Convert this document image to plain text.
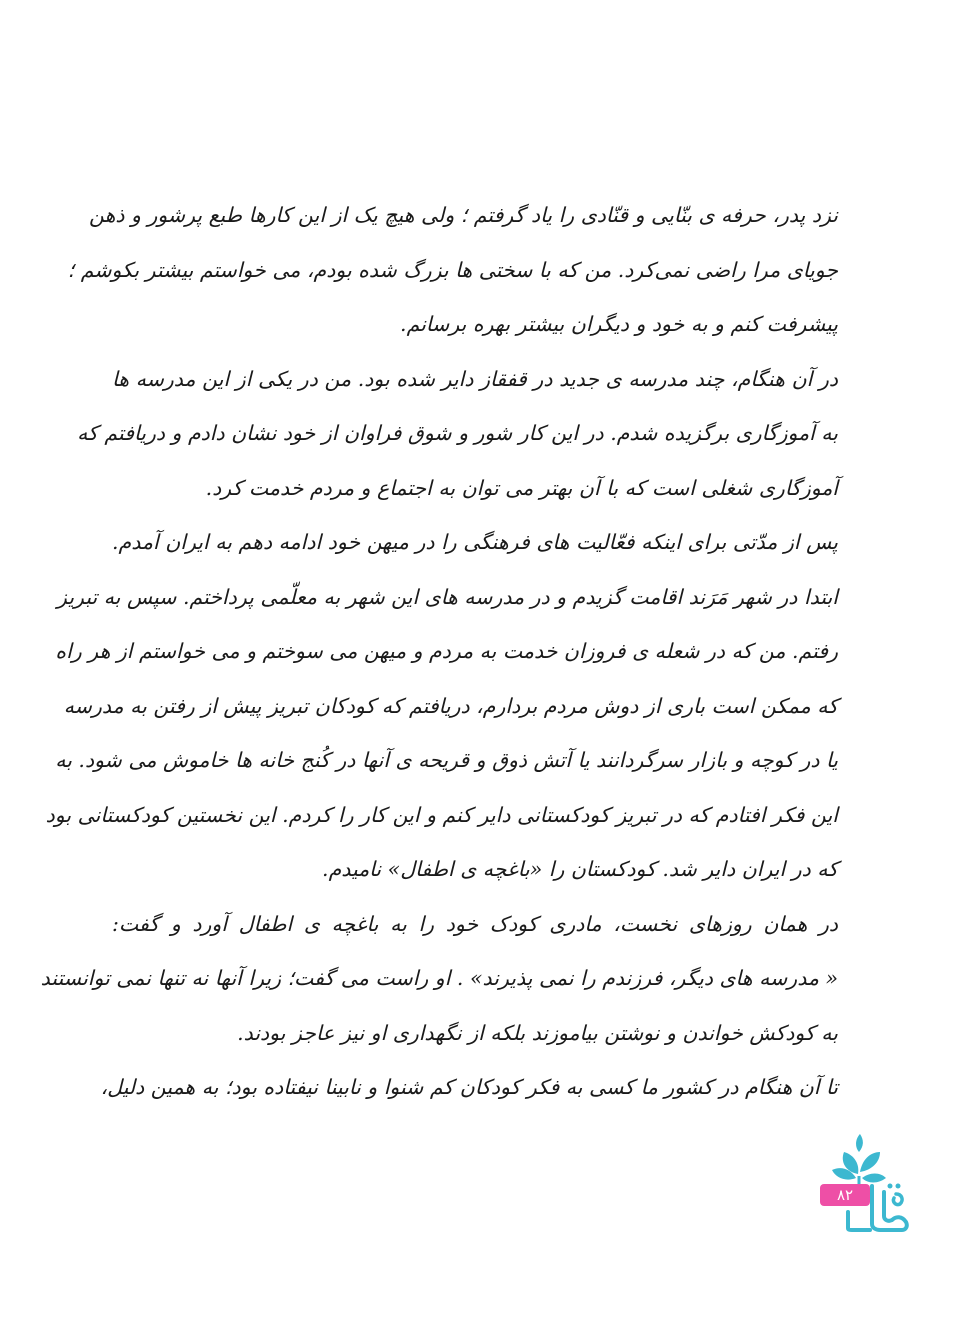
نزد پدر، حرفه ی بنّایی و قنّادی را یاد گرفتم ؛ ولی هیچ یک از این کارها طبع پرشور و ذهن
جویای مرا راضی نمی‌کرد. من که با سختی ها بزرگ شده بودم، می خواستم بیشتر بکوشم ؛
پیشرفت کنم و به خود و دیگران بیشتر بهره برسانم.
در آن هنگام، چند مدرسه ی جدید در قفقاز دایر شده بود. من در یکی از این مدرسه ها
به آموزگاری برگزیده شدم. در این کار شور و شوق فراوان از خود نشان دادم و دریافتم که
آموزگاری شغلی است که با آن بهتر می توان به اجتماع و مردم خدمت کرد.
پس از مدّتی برای اینکه فعّالیت های فرهنگی را در میهن خود ادامه دهم به ایران آمدم.
ابتدا در شهر مَرَند اقامت گزیدم و در مدرسه های این شهر به معلّمی پرداختم. سپس به تبریز
رفتم. من که در شعله ی فروزان خدمت به مردم و میهن می سوختم و می خواستم از هر راه
که ممکن است باری از دوش مردم بردارم، دریافتم که کودکان تبریز پیش از رفتن به مدرسه
یا در کوچه و بازار سرگردانند یا آتش ذوق و قریحه ی آنها در کُنج خانه ها خاموش می شود. به
این فکر افتادم که در تبریز کودکستانی دایر کنم و این کار را کردم. این نخستین کودکستانی بود
که در ایران دایر شد. کودکستان را «باغچه ی اطفال» نامیدم.
در همان روزهای نخست، مادری کودک خود را به باغچه ی اطفال آورد و گفت:
« مدرسه های دیگر، فرزندم را نمی پذیرند» . او راست می گفت؛ زیرا آنها نه تنها نمی توانستند
به کودکش خواندن و نوشتن بیاموزند بلکه از نگهداری او نیز عاجز بودند.
تا آن هنگام در کشور ما کسی به فکر کودکان کم شنوا و نابینا نیفتاده بود؛ به همین دلیل،
۸۲
